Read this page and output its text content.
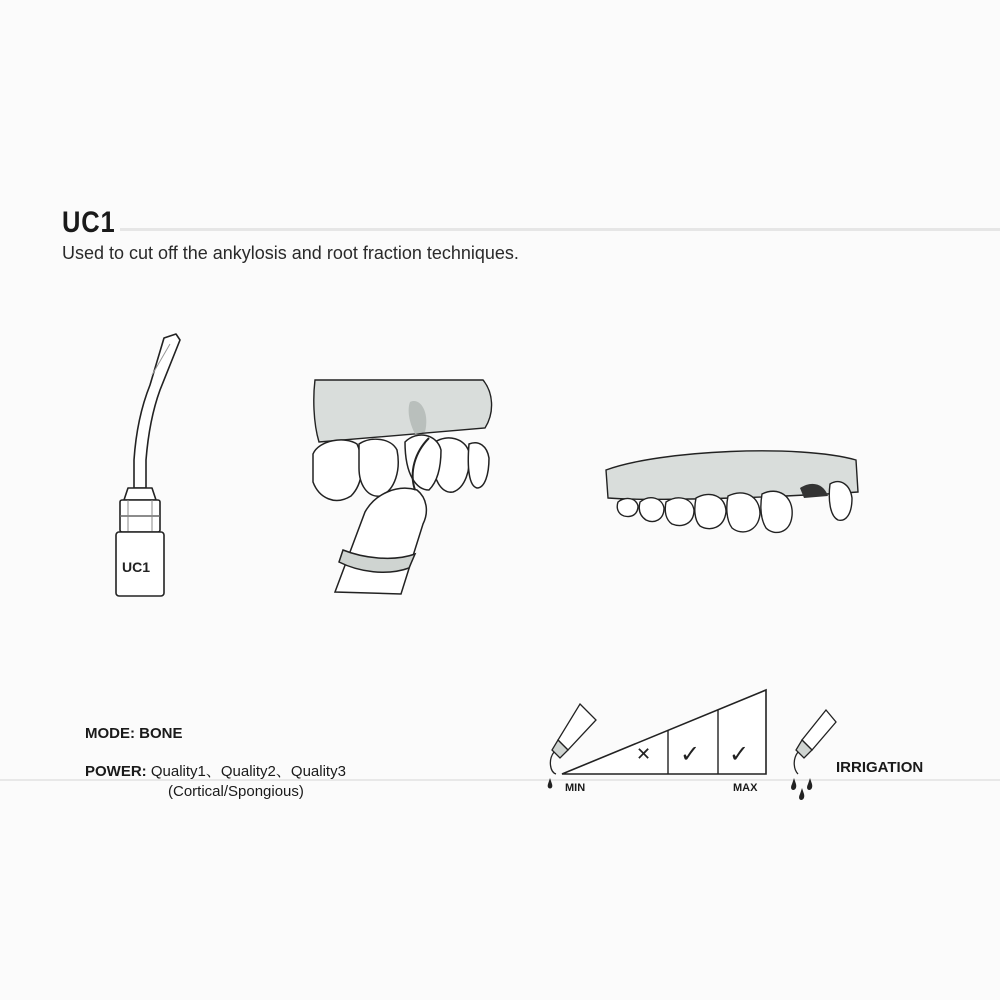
UC1
Used to cut off the ankylosis and root fraction techniques.
UC1
MODE: BONE
POWER: Quality1、Quality2、Quality3
(Cortical/Spongious)
✕ ✓ ✓
MIN	MAX
IRRIGATION
